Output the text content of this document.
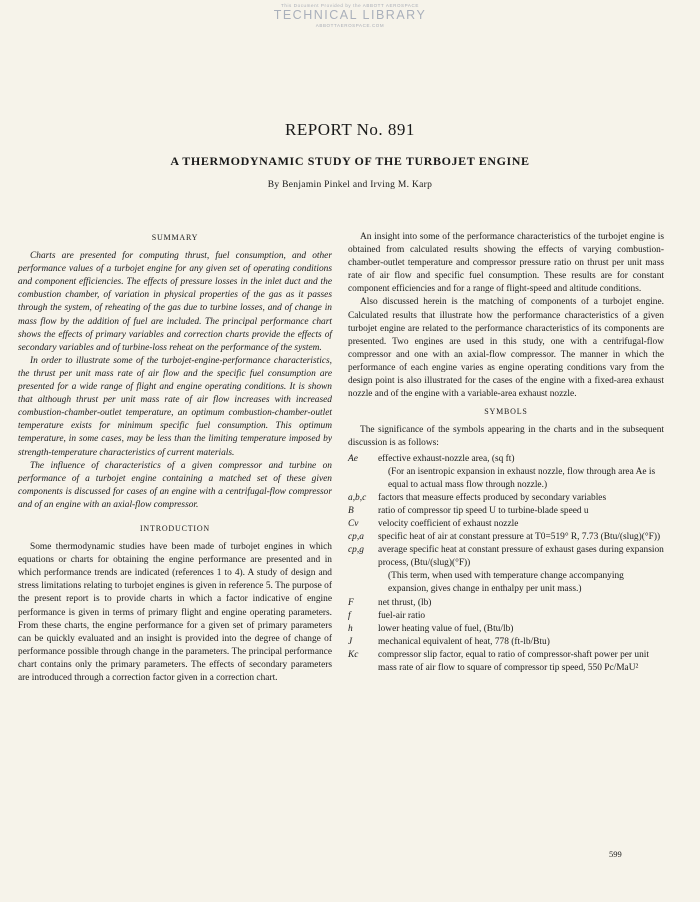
This Document Provided by the ABBOTT AEROSPACE
TECHNICAL LIBRARY
ABBOTTAEROSPACE.COM
REPORT No. 891
A THERMODYNAMIC STUDY OF THE TURBOJET ENGINE
By Benjamin Pinkel and Irving M. Karp
SUMMARY

Charts are presented for computing thrust, fuel consumption, and other performance values of a turbojet engine for any given set of operating conditions and component efficiencies. The effects of pressure losses in the inlet duct and the combustion chamber, of variation in physical properties of the gas as it passes through the system, of reheating of the gas due to turbine losses, and of change in mass flow by the addition of fuel are included. The principal performance chart shows the effects of primary variables and correction charts provide the effects of secondary variables and of turbine-loss reheat on the performance of the system.

In order to illustrate some of the turbojet-engine-performance characteristics, the thrust per unit mass rate of air flow and the specific fuel consumption are presented for a wide range of flight and engine operating conditions. It is shown that although thrust per unit mass rate of air flow increases with increased combustion-chamber-outlet temperature, an optimum combustion-chamber-outlet temperature exists for minimum specific fuel consumption. This optimum temperature, in some cases, may be less than the limiting temperature imposed by strength-temperature characteristics of current materials.

The influence of characteristics of a given compressor and turbine on performance of a turbojet engine containing a matched set of these given components is discussed for cases of an engine with a centrifugal-flow compressor and of an engine with an axial-flow compressor.

INTRODUCTION

Some thermodynamic studies have been made of turbojet engines in which equations or charts for obtaining the engine performance are presented and in which performance trends are indicated (references 1 to 4). A study of design and stress limitations relating to turbojet engines is given in reference 5. The purpose of the present report is to provide charts in which a factor indicative of engine performance is given in terms of primary flight and engine operating parameters. From these charts, the engine performance for a given set of primary parameters can be quickly evaluated and an insight is provided into the degree of change of performance possible through change in the parameters. The principal performance chart contains only the primary parameters. The effects of secondary parameters are introduced through a correction factor given in a correction chart.

An insight into some of the performance characteristics of the turbojet engine is obtained from calculated results showing the effects of varying combustion-chamber-outlet temperature and compressor pressure ratio on thrust per unit mass rate of air flow and specific fuel consumption. These results are for constant component efficiencies and for a range of flight-speed and altitude conditions.

Also discussed herein is the matching of components of a turbojet engine. Calculated results that illustrate how the performance characteristics of a given turbojet engine are related to the performance characteristics of its components are presented. Two engines are used in this study, one with a centrifugal-flow compressor and one with an axial-flow compressor. The manner in which the performance of each engine varies as engine operating conditions vary from the design point is also illustrated for the cases of the engine with a fixed-area exhaust nozzle and of the engine with a variable-area exhaust nozzle.

SYMBOLS

The significance of the symbols appearing in the charts and in the subsequent discussion is as follows:

Ae	effective exhaust-nozzle area, (sq ft)
(For an isentropic expansion in exhaust nozzle, flow through area Ae is equal to actual mass flow through nozzle.)
a,b,c	factors that measure effects produced by secondary variables
B	ratio of compressor tip speed U to turbine-blade speed u
Cv	velocity coefficient of exhaust nozzle
cp,a	specific heat of air at constant pressure at T0=519° R, 7.73 (Btu/(slug)(°F))
cp,g	average specific heat at constant pressure of exhaust gases during expansion process, (Btu/(slug)(°F))
(This term, when used with temperature change accompanying expansion, gives change in enthalpy per unit mass.)
F	net thrust, (lb)
f	fuel-air ratio
h	lower heating value of fuel, (Btu/lb)
J	mechanical equivalent of heat, 778 (ft-lb/Btu)
Kc	compressor slip factor, equal to ratio of compressor-shaft power per unit mass rate of air flow to square of compressor tip speed, 550 Pc/MaU²
599
